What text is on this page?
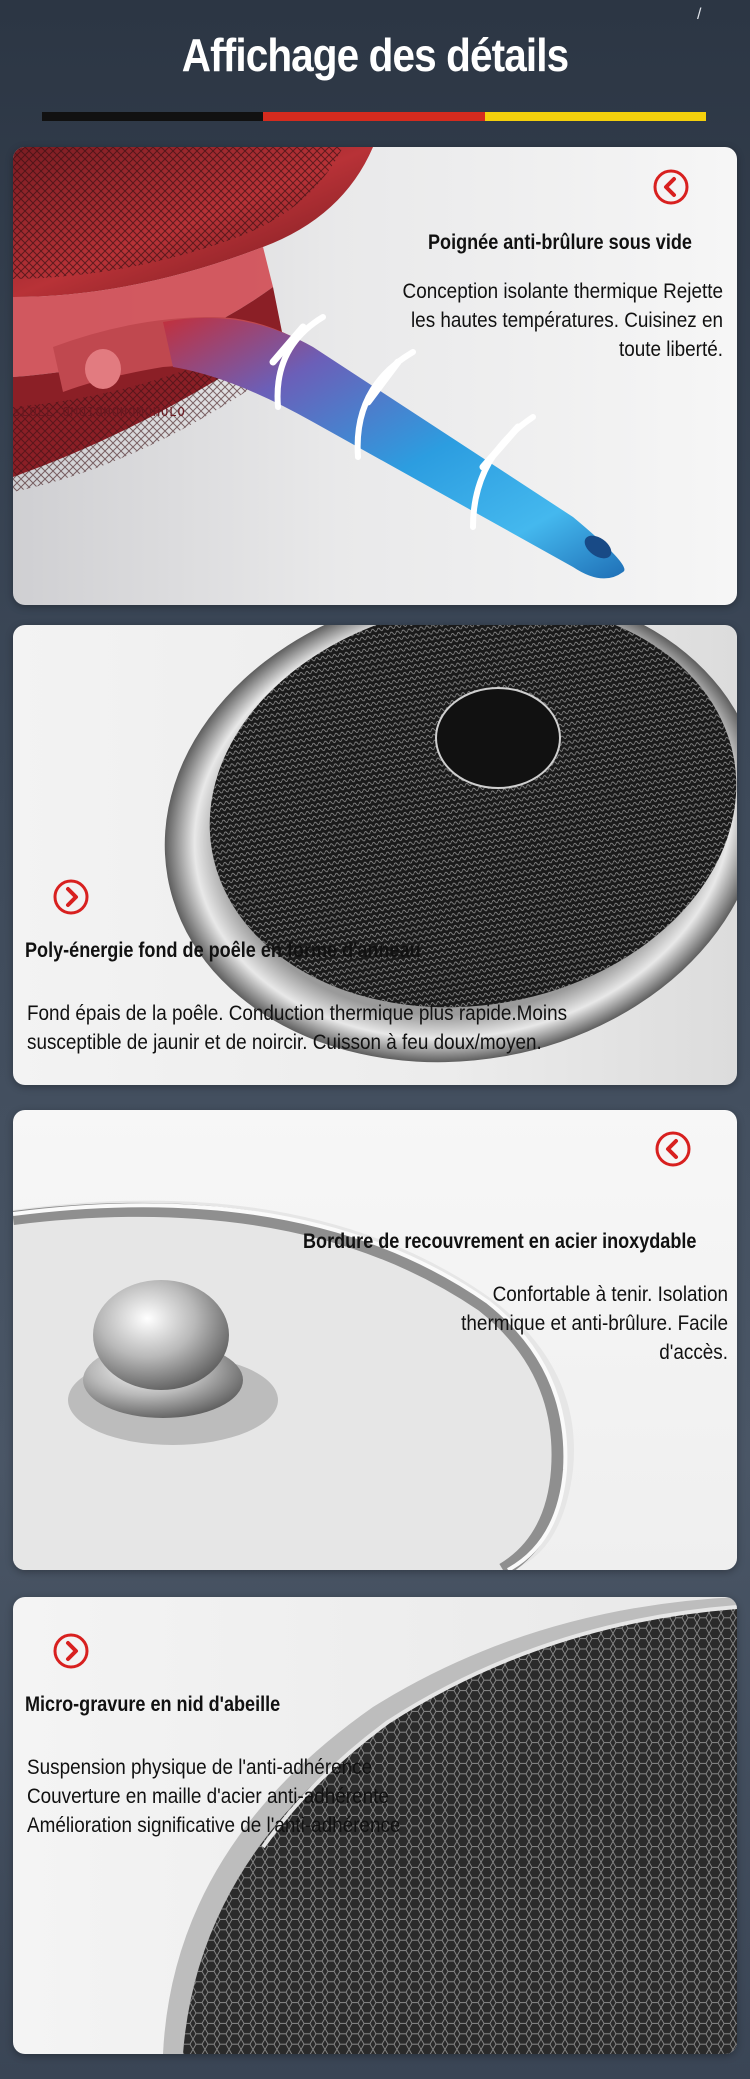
Affichage des détails
/
sLOLL-OMOIOHOHOMOHOLO
Poignée anti-brûlure sous vide
Conception isolante thermique Rejette
les hautes températures. Cuisinez en
toute liberté.
Poly-énergie fond de poêle en forme d'anneau
Fond épais de la poêle. Conduction thermique plus rapide.Moins
susceptible de jaunir et de noircir. Cuisson à feu doux/moyen.
Bordure de recouvrement en acier inoxydable
Confortable à tenir. Isolation
thermique et anti-brûlure. Facile
d'accès.
Micro-gravure en nid d'abeille
Suspension physique de l'anti-adhérence
Couverture en maille d'acier anti-adhérente
Amélioration significative de l'anti-adhérence
